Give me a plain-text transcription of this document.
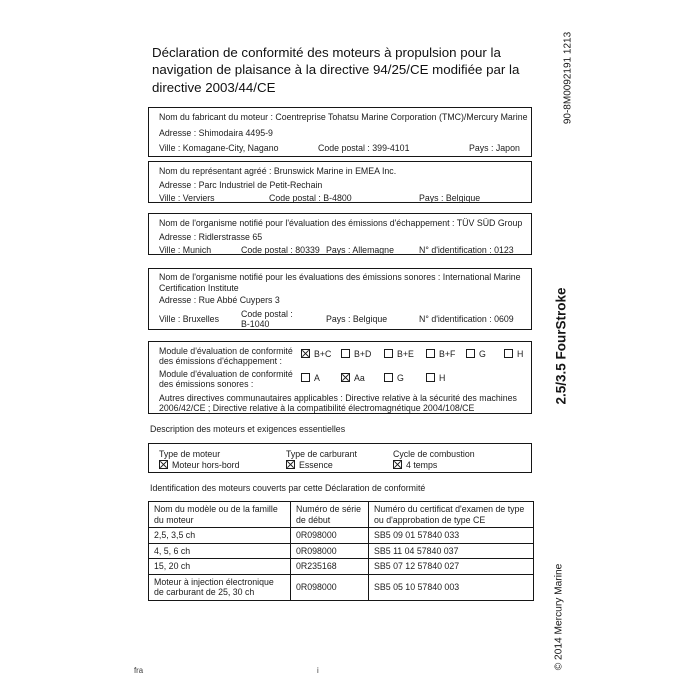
Déclaration de conformité des moteurs à propulsion pour la
navigation de plaisance à la directive 94/25/CE modifiée par la
directive 2003/44/CE
Nom du fabricant du moteur : Coentreprise Tohatsu Marine Corporation (TMC)/Mercury Marine
Adresse : Shimodaira 4495-9
Ville : Komagane-City, Nagano	Code postal : 399-4101	Pays : Japon
Nom du représentant agréé : Brunswick Marine in EMEA Inc.
Adresse : Parc Industriel de Petit-Rechain
Ville : Verviers	Code postal : B-4800	Pays : Belgique
Nom de l'organisme notifié pour l'évaluation des émissions d'échappement : TÜV SÜD Group
Adresse : Ridlerstrasse 65
Ville : Munich	Code postal : 80339 Pays : Allemagne	N° d'identification : 0123
Nom de l'organisme notifié pour les évaluations des émissions sonores : International Marine Certification Institute
Adresse : Rue Abbé Cuypers 3
Ville : Bruxelles	Code postal :
B-1040	Pays : Belgique	N° d'identification : 0609
Module d'évaluation de conformité des émissions d'échappement :
B+C	B+D	B+E	B+F	G	H
Module d'évaluation de conformité des émissions sonores :
A	Aa	G	H
Autres directives communautaires applicables : Directive relative à la sécurité des machines 2006/42/CE ; Directive relative à la compatibilité électromagnétique 2004/108/CE
Description des moteurs et exigences essentielles
Type de moteur	Type de carburant	Cycle de combustion
Moteur hors-bord	Essence	4 temps
Identification des moteurs couverts par cette Déclaration de conformité
Nom du modèle ou de la famille du moteur	Numéro de série de début	Numéro du certificat d'examen de type ou d'approbation de type CE
2,5, 3,5 ch	0R098000	SB5 09 01 57840 033
4, 5, 6 ch	0R098000	SB5 11 04 57840 037
15, 20 ch	0R235168	SB5 07 12 57840 027
Moteur à injection électronique de carburant de 25, 30 ch	0R098000	SB5 05 10 57840 003
90-8M0092191 1213
2.5/3.5 FourStroke
© 2014 Mercury Marine
fra	i
